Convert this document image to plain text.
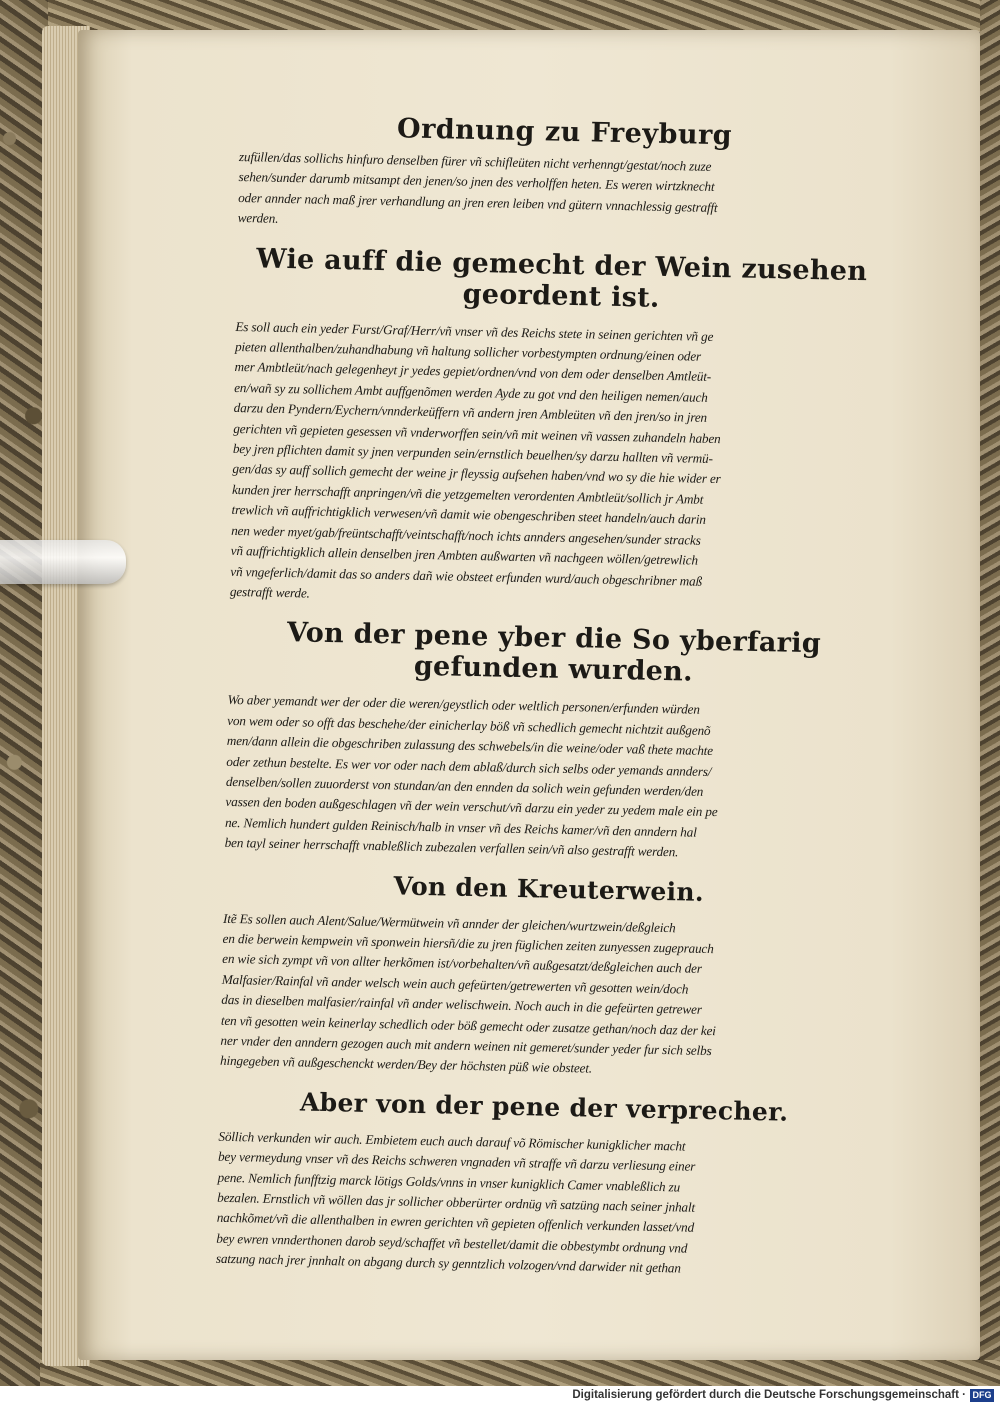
Ordnung zu Freyburg

zufüllen/das sollichs hinfuro denselben fürer vñ schifleüten nicht verhenngt/gestat/noch zuze

sehen/sunder darumb mitsampt den jenen/so jnen des verholffen heten. Es weren wirtzknecht

oder annder nach maß jrer verhandlung an jren eren leiben vnd gütern vnnachlessig gestrafft

werden.

Wie auff die gemecht der Wein zusehen geordent ist.

Es soll auch ein yeder Furst/Graf/Herr/vñ vnser vñ des Reichs stete in seinen gerichten vñ ge

pieten allenthalben/zuhandhabung vñ haltung sollicher vorbestympten ordnung/einen oder

mer Ambtleüt/nach gelegenheyt jr yedes gepiet/ordnen/vnd von dem oder denselben Amtleüt-

en/wañ sy zu sollichem Ambt auffgenõmen werden Ayde zu got vnd den heiligen nemen/auch

darzu den Pyndern/Eychern/vnnderkeüffern vñ andern jren Ambleüten vñ den jren/so in jren

gerichten vñ gepieten gesessen vñ vnderworffen sein/vñ mit weinen vñ vassen zuhandeln haben

bey jren pflichten damit sy jnen verpunden sein/ernstlich beuelhen/sy darzu hallten vñ vermü-

gen/das sy auff sollich gemecht der weine jr fleyssig aufsehen haben/vnd wo sy die hie wider er

kunden jrer herrschafft anpringen/vñ die yetzgemelten verordenten Ambtleüt/sollich jr Ambt

trewlich vñ auffrichtigklich verwesen/vñ damit wie obengeschriben steet handeln/auch darin

nen weder myet/gab/freüntschafft/veintschafft/noch ichts annders angesehen/sunder stracks

vñ auffrichtigklich allein denselben jren Ambten außwarten vñ nachgeen wöllen/getrewlich

vñ vngeferlich/damit das so anders dañ wie obsteet erfunden wurd/auch obgeschribner maß

gestrafft werde.

Von der pene yber die So yberfarig gefunden wurden.

Wo aber yemandt wer der oder die weren/geystlich oder weltlich personen/erfunden würden

von wem oder so offt das beschehe/der einicherlay böß vñ schedlich gemecht nichtzit außgenõ

men/dann allein die obgeschriben zulassung des schwebels/in die weine/oder vaß thete machte

oder zethun bestelte. Es wer vor oder nach dem ablaß/durch sich selbs oder yemands annders/

denselben/sollen zuuorderst von stundan/an den ennden da solich wein gefunden werden/den

vassen den boden außgeschlagen vñ der wein verschut/vñ darzu ein yeder zu yedem male ein pe

ne. Nemlich hundert gulden Reinisch/halb in vnser vñ des Reichs kamer/vñ den anndern hal

ben tayl seiner herrschafft vnableßlich zubezalen verfallen sein/vñ also gestrafft werden.

Von den Kreuterwein.

Itẽ Es sollen auch Alent/Salue/Wermütwein vñ annder der gleichen/wurtzwein/deßgleich

en die berwein kempwein vñ sponwein hiersñ/die zu jren füglichen zeiten zunyessen zugeprauch

en wie sich zympt vñ von allter herkõmen ist/vorbehalten/vñ außgesatzt/deßgleichen auch der

Malfasier/Rainfal vñ ander welsch wein auch gefeürten/getrewerten vñ gesotten wein/doch

das in dieselben malfasier/rainfal vñ ander welischwein. Noch auch in die gefeürten getrewer

ten vñ gesotten wein keinerlay schedlich oder böß gemecht oder zusatze gethan/noch daz der kei

ner vnder den anndern gezogen auch mit andern weinen nit gemeret/sunder yeder fur sich selbs

hingegeben vñ außgeschenckt werden/Bey der höchsten püß wie obsteet.

Aber von der pene der verprecher.

Söllich verkunden wir auch. Embietem euch auch darauf võ Römischer kunigklicher macht

bey vermeydung vnser vñ des Reichs schweren vngnaden vñ straffe vñ darzu verliesung einer

pene. Nemlich funfftzig marck lötigs Golds/vnns in vnser kunigklich Camer vnableßlich zu

bezalen. Ernstlich vñ wöllen das jr sollicher obberürter ordnüg vñ satzüng nach seiner jnhalt

nachkõmet/vñ die allenthalben in ewren gerichten vñ gepieten offenlich verkunden lasset/vnd

bey ewren vnnderthonen darob seyd/schaffet vñ bestellet/damit die obbestymbt ordnung vnd

satzung nach jrer jnnhalt on abgang durch sy genntzlich volzogen/vnd darwider nit gethan

Digitalisierung gefördert durch die Deutsche Forschungsgemeinschaft · DFG
